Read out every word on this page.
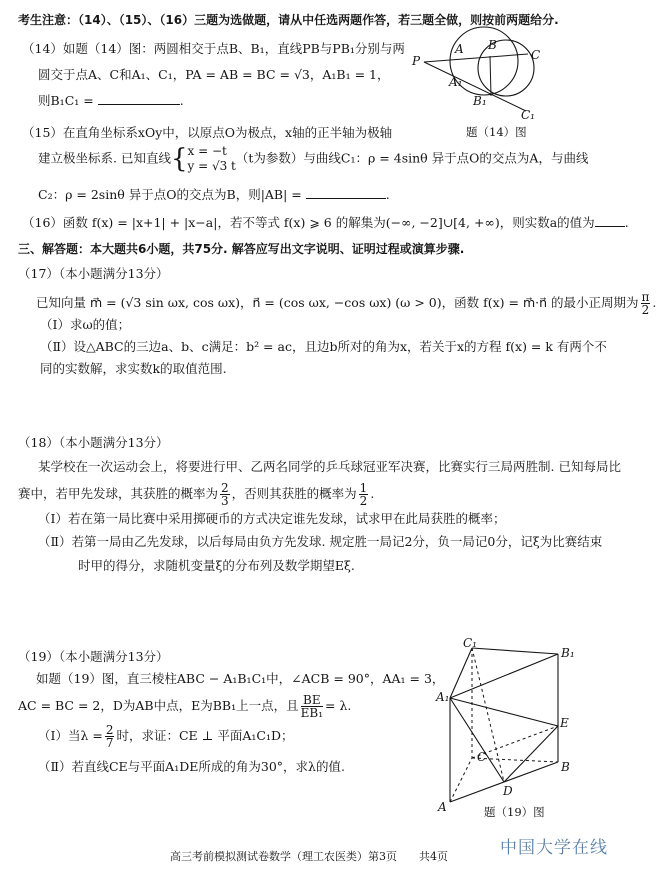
考生注意：（14）、（15）、（16）三题为选做题，请从中任选两题作答，若三题全做，则按前两题给分.
（14）如题（14）图：两圆相交于点B、B₁，直线PB与PB₁分别与两
圆交于点A、C和A₁、C₁，PA = AB = BC = √3，A₁B₁ = 1，
则B₁C₁ =	.
P
A B
C
A₁
B₁
C₁
题（14）图
（15）在直角坐标系xOy中，以原点O为极点，x轴的正半轴为极轴
建立极坐标系. 已知直线{ x = −t
y = √3 t
（t为参数）与曲线C₁：ρ = 4sinθ 异于点O的交点为A，与曲线
C₂：ρ = 2sinθ 异于点O的交点为B，则|AB| =	.
（16）函数 f(x) = |x+1| + |x−a|，若不等式 f(x) ⩾ 6 的解集为(−∞, −2]∪[4, +∞)，则实数a的值为 .
三、解答题：本大题共6小题，共75分. 解答应写出文字说明、证明过程或演算步骤.
（17）（本小题满分13分）
已知向量 m⃗ = (√3 sin ωx, cos ωx)，n⃗ = (cos ωx, −cos ωx) (ω > 0)，函数 f(x) = m⃗·n⃗ 的最小正周期为 $\frac{\pi}{2}$ .
（Ⅰ）求ω的值；
（Ⅱ）设△ABC的三边a、b、c满足：b² = ac，且边b所对的角为x，若关于x的方程 f(x) = k 有两个不
同的实数解，求实数k的取值范围.
（18）（本小题满分13分）
某学校在一次运动会上，将要进行甲、乙两名同学的乒乓球冠亚军决赛，比赛实行三局两胜制. 已知每局比
赛中，若甲先发球，其获胜的概率为 $\frac{2}{3}$ ，否则其获胜的概率为 $\frac{1}{2}$ .
（Ⅰ）若在第一局比赛中采用掷硬币的方式决定谁先发球，试求甲在此局获胜的概率；
（Ⅱ）若第一局由乙先发球，以后每局由负方先发球. 规定胜一局记2分，负一局记0分，记ξ为比赛结束
时甲的得分，求随机变量ξ的分布列及数学期望Eξ.
（19）（本小题满分13分）
如题（19）图，直三棱柱ABC − A₁B₁C₁中，∠ACB = 90°，AA₁ = 3，
AC = BC = 2，D为AB中点，E为BB₁上一点，且 $\frac{BE}{\text{EB₁}} = \lambda$.
（Ⅰ）当$\lambda = \frac{2}{7}$ 时，求证：CE ⊥ 平面A₁C₁D；
（Ⅱ）若直线CE与平面A₁DE所成的角为30°，求λ的值.
C₁
B₁
A₁
E
C
D
B
A	题（19）图
高三考前模拟测试卷数学（理工农医类）第3页　　共4页	中国大学在线
